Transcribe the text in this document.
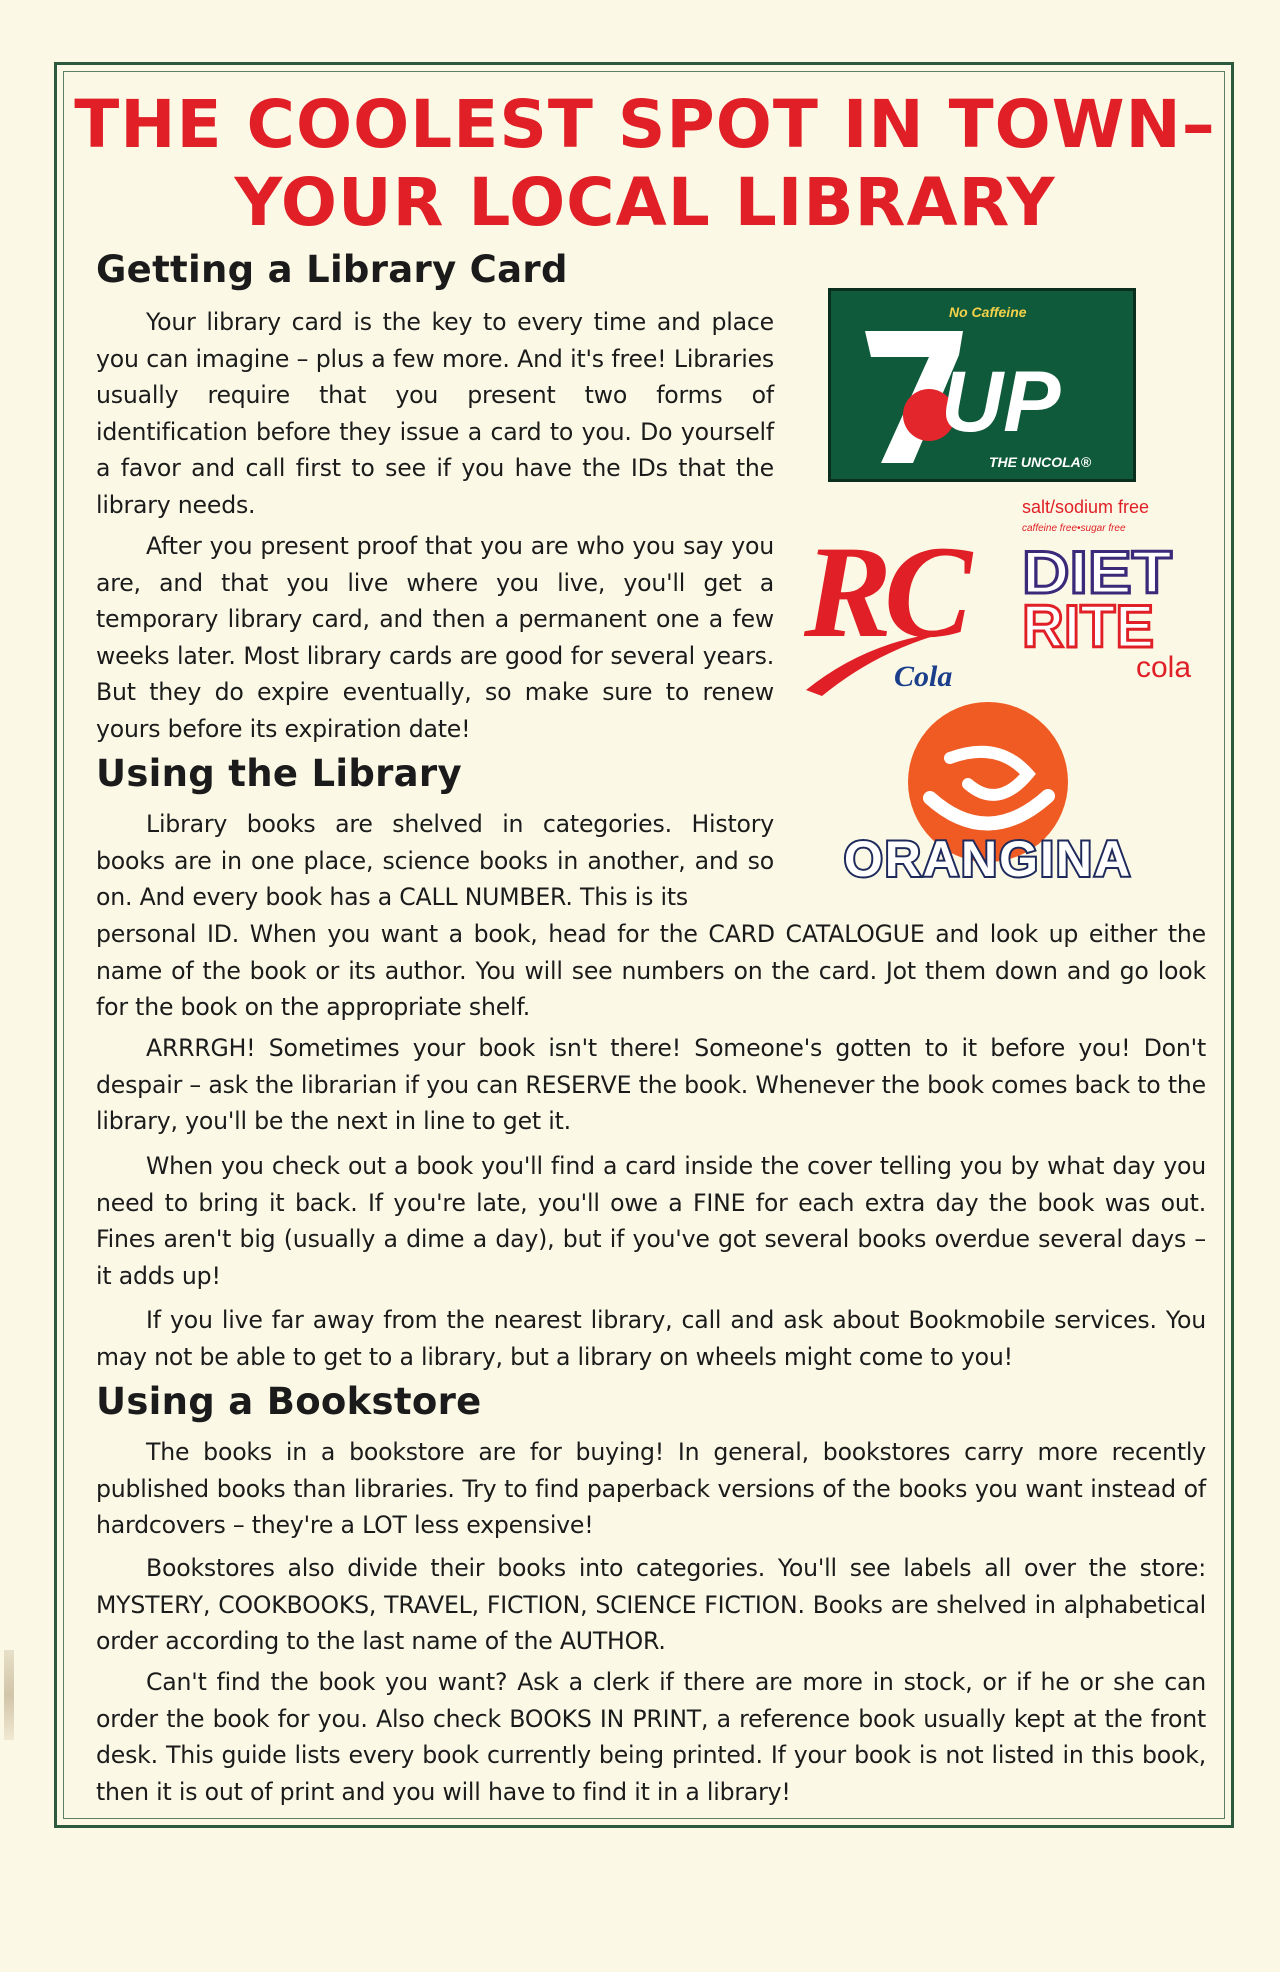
THE COOLEST SPOT IN TOWN–
YOUR LOCAL LIBRARY
Getting a Library Card

Your library card is the key to every time and place you can imagine – plus a few more. And it's free! Libraries usually require that you present two forms of identification before they issue a card to you. Do yourself a favor and call first to see if you have the IDs that the library needs.

After you present proof that you are who you say you are, and that you live where you live, you'll get a temporary library card, and then a permanent one a few weeks later. Most library cards are good for several years. But they do expire eventually, so make sure to renew yours before its expiration date!

Using the Library

Library books are shelved in categories. History books are in one place, science books in another, and so on. And every book has a CALL NUMBER. This is its

personal ID. When you want a book, head for the CARD CATALOGUE and look up either the name of the book or its author. You will see numbers on the card. Jot them down and go look for the book on the appropriate shelf.

ARRRGH! Sometimes your book isn't there! Someone's gotten to it before you! Don't despair – ask the librarian if you can RESERVE the book. Whenever the book comes back to the library, you'll be the next in line to get it.

When you check out a book you'll find a card inside the cover telling you by what day you need to bring it back. If you're late, you'll owe a FINE for each extra day the book was out. Fines aren't big (usually a dime a day), but if you've got several books overdue several days – it adds up!

If you live far away from the nearest library, call and ask about Bookmobile services. You may not be able to get to a library, but a library on wheels might come to you!

Using a Bookstore

The books in a bookstore are for buying! In general, bookstores carry more recently published books than libraries. Try to find paperback versions of the books you want instead of hardcovers – they're a LOT less expensive!

Bookstores also divide their books into categories. You'll see labels all over the store: MYSTERY, COOKBOOKS, TRAVEL, FICTION, SCIENCE FICTION. Books are shelved in alphabetical order according to the last name of the AUTHOR.

Can't find the book you want? Ask a clerk if there are more in stock, or if he or she can order the book for you. Also check BOOKS IN PRINT, a reference book usually kept at the front desk. This guide lists every book currently being printed. If your book is not listed in this book, then it is out of print and you will have to find it in a library!

No Caffeine
UP
THE UNCOLA®
RC
Cola
salt/sodium free
caffeine free•sugar free
DIET
RITE
cola
ORANGINA
